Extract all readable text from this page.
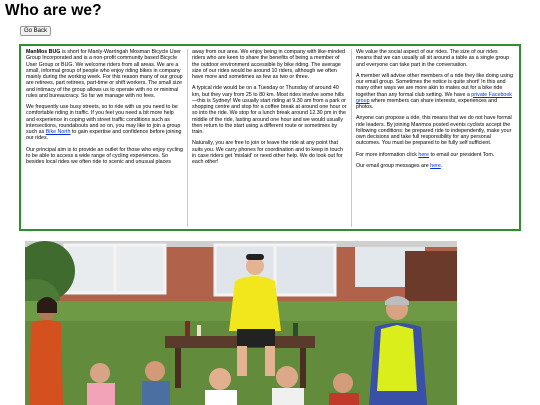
Who are we?
Go Back

ManMos BUG is short for Manly-Warringah Mosman Bicycle User Group Incorporated and is a non-profit community based Bicycle User Group or BUG. We welcome riders from all areas. We are a small, informal group of people who enjoy riding bikes in company mainly during the working week. For this reason many of our group are retirees, part retirees, part-time or shift workers. The small size and intimacy of the group allows us to operate with no or minimal rules and bureaucracy. So far we manage with no fees.

We frequently use busy streets, so to ride with us you need to be comfortable riding in traffic. If you feel you need a bit more help and experience in coping with street traffic conditions such as intersections, roundabouts and so on, you may like to join a group such as Bike North to gain expertise and confidence before joining our rides.

Our principal aim is to provide an outlet for those who enjoy cycling to be able to access a wide range of cycling experiences. So besides local rides we often ride to scenic and unusual places

away from our area. We enjoy being in company with like-minded riders who are keen to share the benefits of being a member of the outdoor environment accessible by bike riding. The average size of our rides would be around 10 riders, although we often have more and sometimes as few as two or three.

A typical ride would be on a Tuesday or Thursday of around 40 km, but they vary from 25 to 80 km. Most rides involve some hills—this is Sydney! We usually start riding at 9.30 am from a park or shopping centre and stop for a coffee break at around one hour or so into the ride. We stop for a lunch break around 12.30 pm in the middle of the ride, lasting around one hour and we would usually then return to the start using a different route or sometimes by train.

Naturally, you are free to join or leave the ride at any point that suits you. We carry phones for coordination and to keep in touch in case riders get 'mislaid' or need other help. We do look out for each other!

We value the social aspect of our rides. The size of our rides means that we can usually all sit around a table as a single group and everyone can take part in the conversation.

A member will advise other members of a ride they like doing using our email group. Sometimes the notice is quite short! In this and many other ways we are more akin to mates out for a bike ride together than any formal club setting. We have a private Facebook group where members can share interests, experiences and photos.

Anyone can propose a ride, this means that we do not have formal ride leaders. By joining Manmos posted events cyclists accept the following conditions: be prepared ride to independently, make your own decisions and take full responsibility for any personal outcomes. You must be prepared to be fully self sufficient.

For more information click here to email our president Tom.

Our email group messages are here.
